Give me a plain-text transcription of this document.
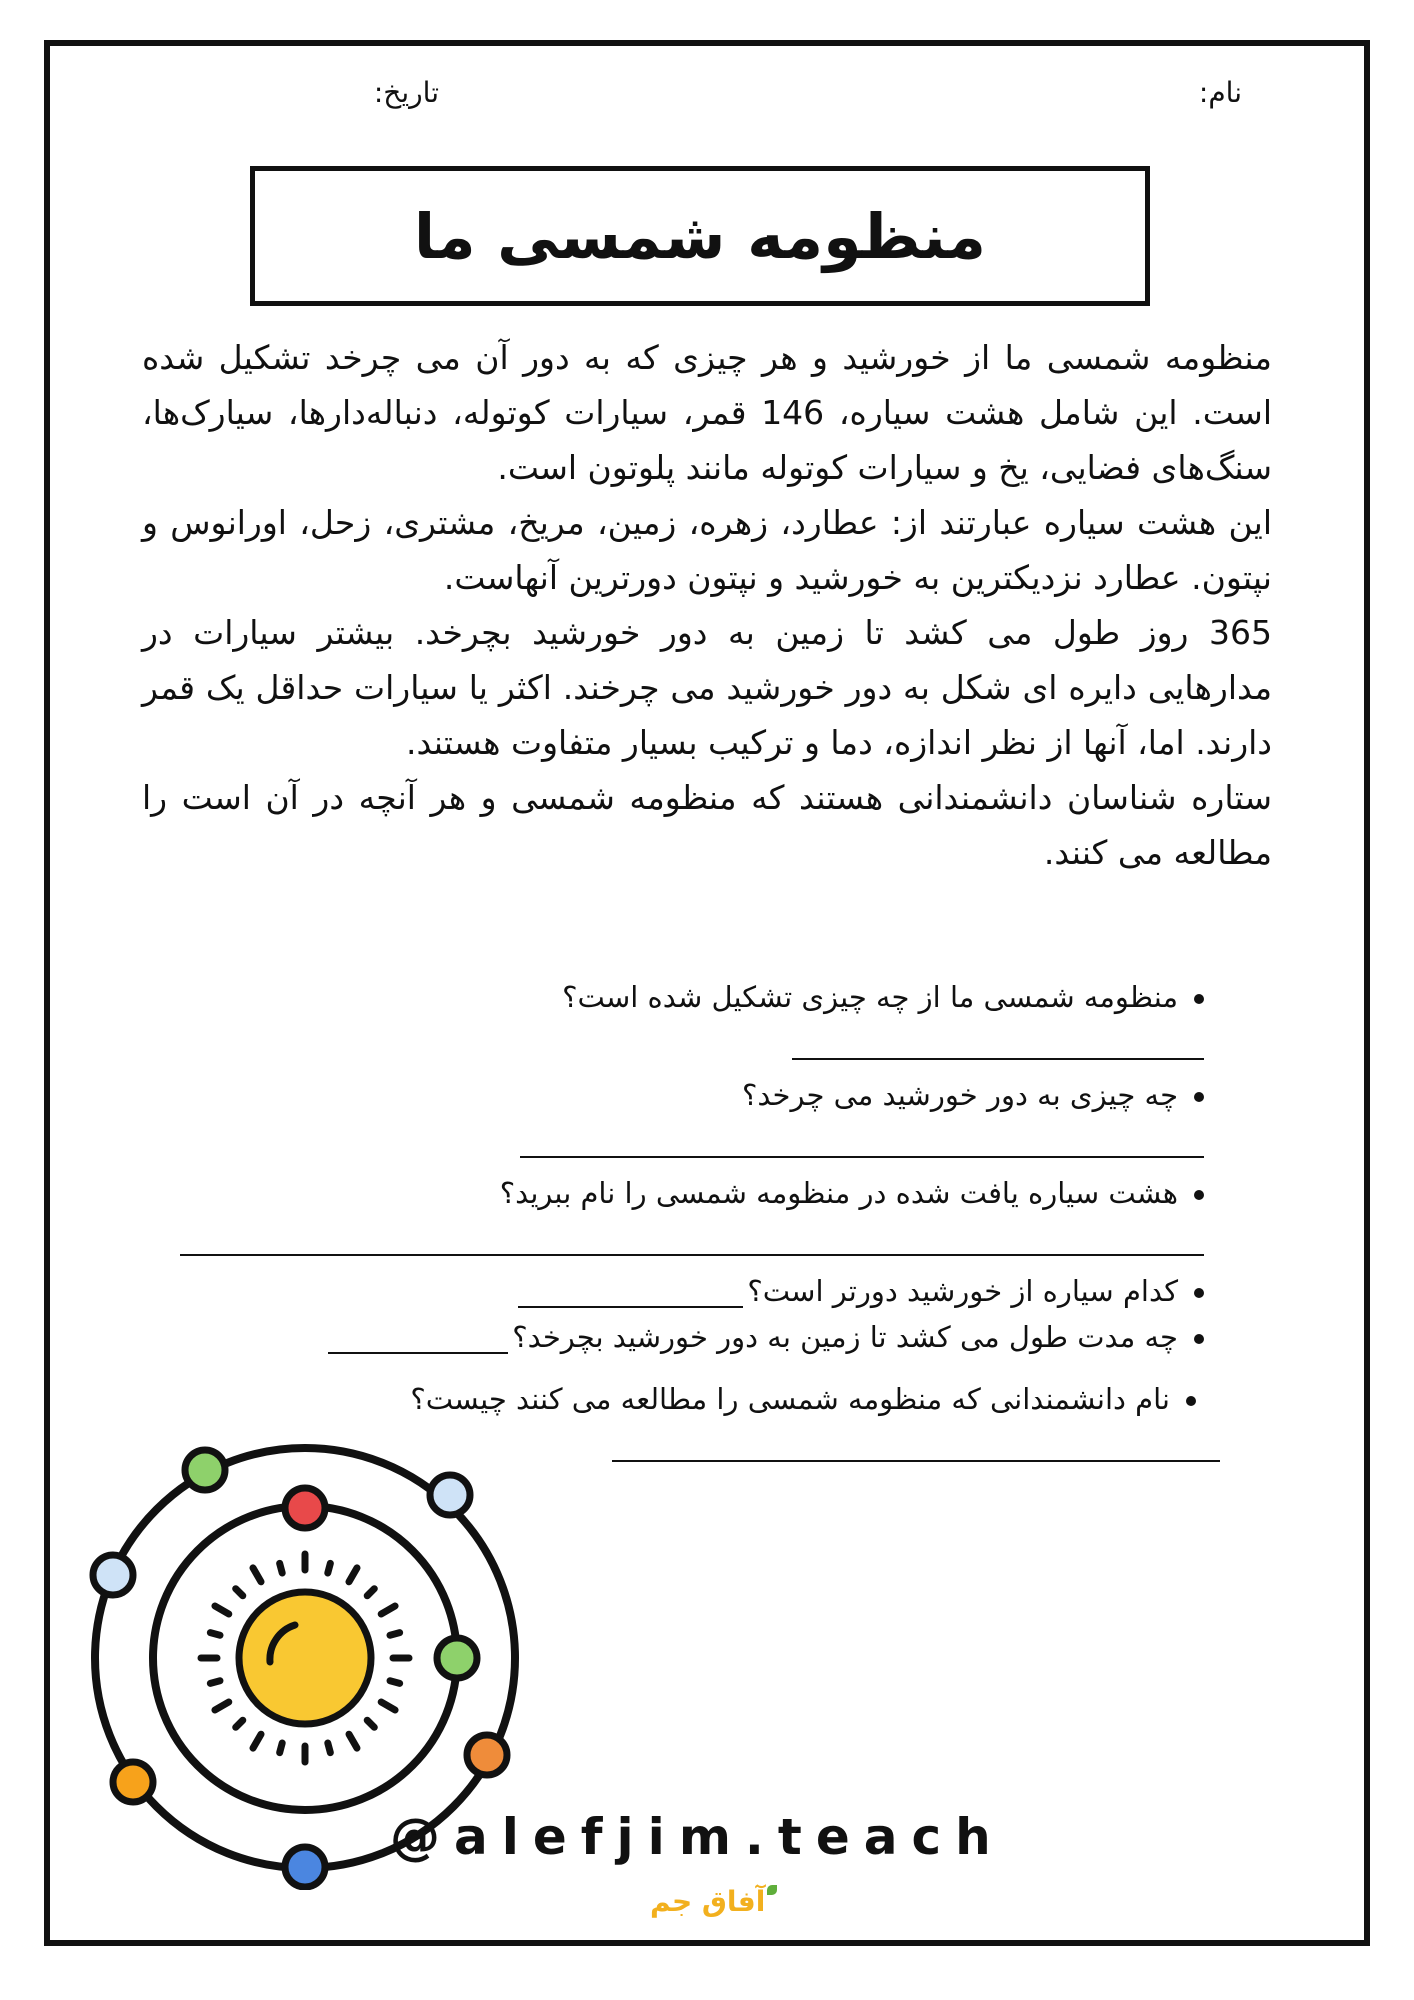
نام:
تاریخ:
منظومه شمسی ما

منظومه شمسی ما از خورشید و هر چیزی که به دور آن می چرخد تشکیل شده است. این شامل هشت سیاره، 146 قمر، سیارات کوتوله، دنباله‌دارها، سیارک‌ها، سنگ‌های فضایی، یخ و سیارات کوتوله مانند پلوتون است.

این هشت سیاره عبارتند از: عطارد، زهره، زمین، مریخ، مشتری، زحل، اورانوس و نپتون. عطارد نزدیکترین به خورشید و نپتون دورترین آنهاست.

365 روز طول می کشد تا زمین به دور خورشید بچرخد. بیشتر سیارات در مدارهایی دایره ای شکل به دور خورشید می چرخند. اکثر یا سیارات حداقل یک قمر دارند. اما، آنها از نظر اندازه، دما و ترکیب بسیار متفاوت هستند.

ستاره شناسان دانشمندانی هستند که منظومه شمسی و هر آنچه در آن است را مطالعه می کنند.

منظومه شمسی ما از چه چیزی تشکیل شده است؟
چه چیزی به دور خورشید می چرخد؟
هشت سیاره یافت شده در منظومه شمسی را نام ببرید؟
کدام سیاره از خورشید دورتر است؟
چه مدت طول می کشد تا زمین به دور خورشید بچرخد؟
نام دانشمندانی که منظومه شمسی را مطالعه می کنند چیست؟
@alefjim.teach
آفاق جم
